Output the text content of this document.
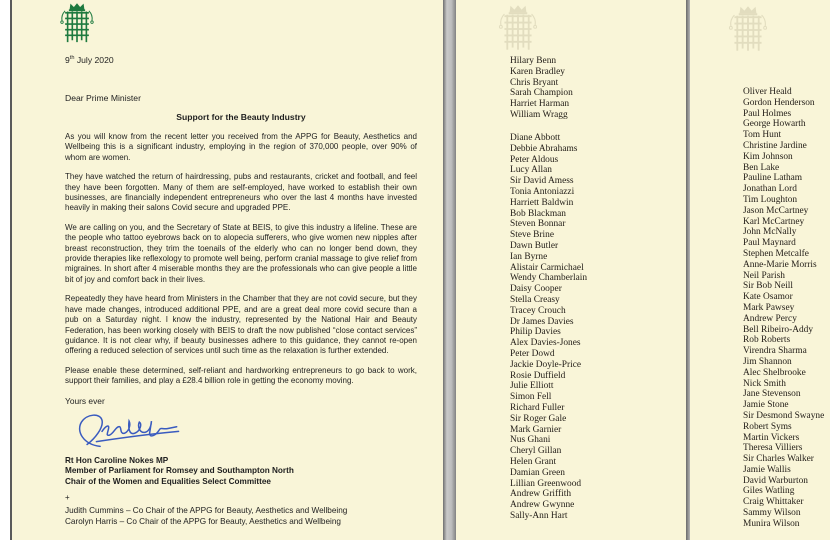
9th July 2020
Dear Prime Minister
Support for the Beauty Industry

As you will know from the recent letter you received from the APPG for Beauty, Aesthetics and Wellbeing this is a significant industry, employing in the region of 370,000 people, over 90% of whom are women.

They have watched the return of hairdressing, pubs and restaurants, cricket and football, and feel they have been forgotten. Many of them are self-employed, have worked to establish their own businesses, are financially independent entrepreneurs who over the last 4 months have invested heavily in making their salons Covid secure and upgraded PPE.

We are calling on you, and the Secretary of State at BEIS, to give this industry a lifeline. These are the people who tattoo eyebrows back on to alopecia sufferers, who give women new nipples after breast reconstruction, they trim the toenails of the elderly who can no longer bend down, they provide therapies like reflexology to promote well being, perform cranial massage to give relief from migraines. In short after 4 miserable months they are the professionals who can give people a little bit of joy and comfort back in their lives.

Repeatedly they have heard from Ministers in the Chamber that they are not covid secure, but they have made changes, introduced additional PPE, and are a great deal more covid secure than a pub on a Saturday night. I know the industry, represented by the National Hair and Beauty Federation, has been working closely with BEIS to draft the now published “close contact services” guidance. It is not clear why, if beauty businesses adhere to this guidance, they cannot re-open offering a reduced selection of services until such time as the relaxation is further extended.

Please enable these determined, self-reliant and hardworking entrepreneurs to go back to work, support their families, and play a £28.4 billion role in getting the economy moving.

Yours ever
Rt Hon Caroline Nokes MP
Member of Parliament for Romsey and Southampton North
Chair of the Women and Equalities Select Committee
+
Judith Cummins – Co Chair of the APPG for Beauty, Aesthetics and Wellbeing
Carolyn Harris – Co Chair of the APPG for Beauty, Aesthetics and Wellbeing
Hilary Benn
Karen Bradley
Chris Bryant
Sarah Champion
Harriet Harman
William Wragg
Diane Abbott
Debbie Abrahams
Peter Aldous
Lucy Allan
Sir David Amess
Tonia Antoniazzi
Harriett Baldwin
Bob Blackman
Steven Bonnar
Steve Brine
Dawn Butler
Ian Byrne
Alistair Carmichael
Wendy Chamberlain
Daisy Cooper
Stella Creasy
Tracey Crouch
Dr James Davies
Philip Davies
Alex Davies-Jones
Peter Dowd
Jackie Doyle-Price
Rosie Duffield
Julie Elliott
Simon Fell
Richard Fuller
Sir Roger Gale
Mark Garnier
Nus Ghani
Cheryl Gillan
Helen Grant
Damian Green
Lillian Greenwood
Andrew Griffith
Andrew Gwynne
Sally-Ann Hart
Oliver Heald
Gordon Henderson
Paul Holmes
George Howarth
Tom Hunt
Christine Jardine
Kim Johnson
Ben Lake
Pauline Latham
Jonathan Lord
Tim Loughton
Jason McCartney
Karl McCartney
John McNally
Paul Maynard
Stephen Metcalfe
Anne-Marie Morris
Neil Parish
Sir Bob Neill
Kate Osamor
Mark Pawsey
Andrew Percy
Bell Ribeiro-Addy
Rob Roberts
Virendra Sharma
Jim Shannon
Alec Shelbrooke
Nick Smith
Jane Stevenson
Jamie Stone
Sir Desmond Swayne
Robert Syms
Martin Vickers
Theresa Villiers
Sir Charles Walker
Jamie Wallis
David Warburton
Giles Watling
Craig Whittaker
Sammy Wilson
Munira Wilson
